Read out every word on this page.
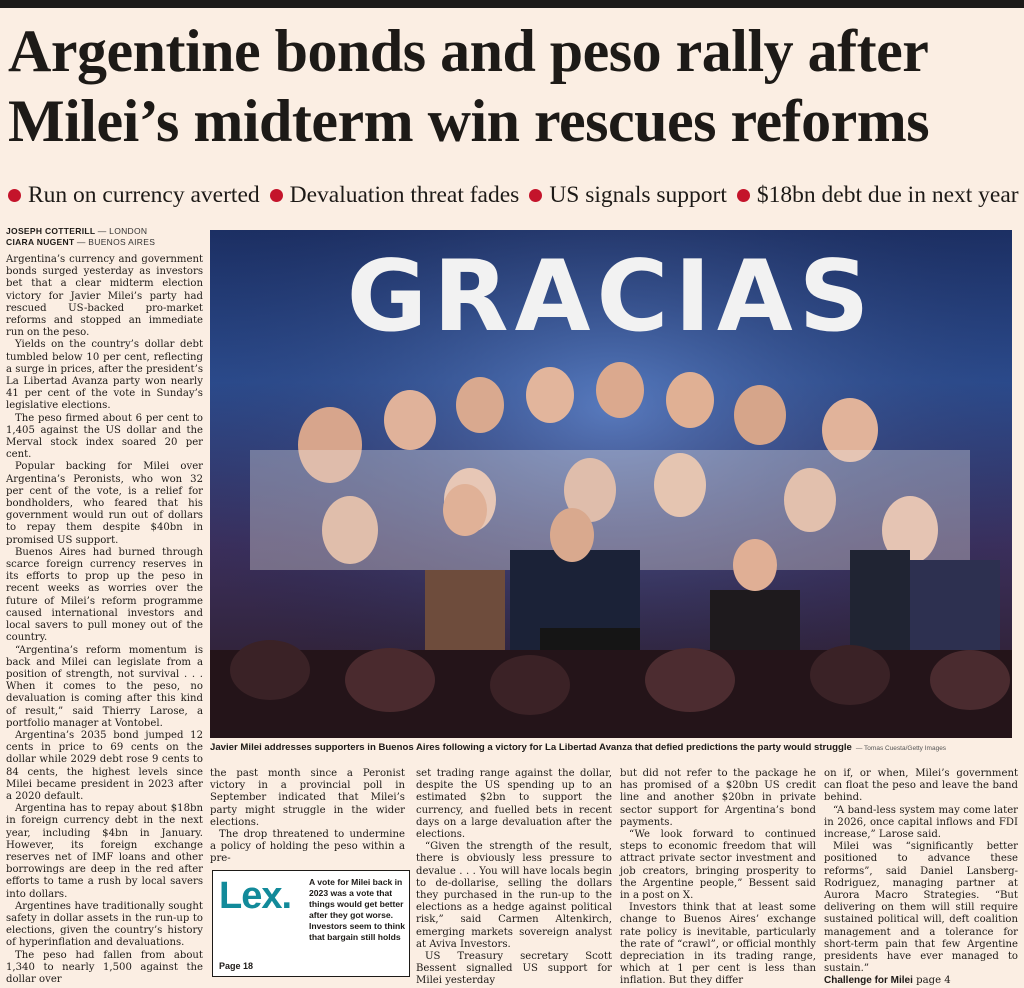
Argentine bonds and peso rally after
Milei’s midterm win rescues reforms
Run on currency averted Devaluation threat fades US signals support $18bn debt due in next year
JOSEPH COTTERILL — LONDON
CIARA NUGENT — BUENOS AIRES

Argentina’s currency and government bonds surged yesterday as investors bet that a clear midterm election victory for Javier Milei’s party had rescued US-backed pro-market reforms and stopped an immediate run on the peso.

Yields on the country’s dollar debt tumbled below 10 per cent, reflecting a surge in prices, after the president’s La Libertad Avanza party won nearly 41 per cent of the vote in Sunday’s legislative elections.

The peso firmed about 6 per cent to 1,405 against the US dollar and the Merval stock index soared 20 per cent.

Popular backing for Milei over Argentina’s Peronists, who won 32 per cent of the vote, is a relief for bondholders, who feared that his government would run out of dollars to repay them despite $40bn in promised US support.

Buenos Aires had burned through scarce foreign currency reserves in its efforts to prop up the peso in recent weeks as worries over the future of Milei’s reform programme caused international investors and local savers to pull money out of the country.

“Argentina’s reform momentum is back and Milei can legislate from a position of strength, not survival . . . When it comes to the peso, no devaluation is coming after this kind of result,” said Thierry Larose, a portfolio manager at Vontobel.

Argentina’s 2035 bond jumped 12 cents in price to 69 cents on the dollar while 2029 debt rose 9 cents to 84 cents, the highest levels since Milei became president in 2023 after a 2020 default.

Argentina has to repay about $18bn in foreign currency debt in the next year, including $4bn in January. However, its foreign exchange reserves net of IMF loans and other borrowings are deep in the red after efforts to tame a rush by local savers into dollars.

Argentines have traditionally sought safety in dollar assets in the run-up to elections, given the country’s history of hyperinflation and devaluations.

The peso had fallen from about 1,340 to nearly 1,500 against the dollar over

GRACIAS
Javier Milei addresses supporters in Buenos Aires following a victory for La Libertad Avanza that defied predictions the party would struggle — Tomas Cuesta/Getty Images

the past month since a Peronist victory in a provincial poll in September indicated that Milei’s party might struggle in the wider elections.

The drop threatened to undermine a policy of holding the peso within a pre-

Lex. A vote for Milei back in 2023 was a vote that things would get better after they got worse. Investors seem to think that bargain still holds
Page 18

set trading range against the dollar, despite the US spending up to an estimated $2bn to support the currency, and fuelled bets in recent days on a large devaluation after the elections.

“Given the strength of the result, there is obviously less pressure to devalue . . . You will have locals begin to de-dollarise, selling the dollars they purchased in the run-up to the elections as a hedge against political risk,” said Carmen Altenkirch, emerging markets sovereign analyst at Aviva Investors.

US Treasury secretary Scott Bessent signalled US support for Milei yesterday

but did not refer to the package he has promised of a $20bn US credit line and another $20bn in private sector support for Argentina’s bond payments.

“We look forward to continued steps to economic freedom that will attract private sector investment and job creators, bringing prosperity to the Argentine people,” Bessent said in a post on X.

Investors think that at least some change to Buenos Aires’ exchange rate policy is inevitable, particularly the rate of “crawl”, or official monthly depreciation in its trading range, which at 1 per cent is less than inflation. But they differ

on if, or when, Milei’s government can float the peso and leave the band behind.

“A band-less system may come later in 2026, once capital inflows and FDI increase,” Larose said.

Milei was “significantly better positioned to advance these reforms”, said Daniel Lansberg-Rodriguez, managing partner at Aurora Macro Strategies. “But delivering on them will still require sustained political will, deft coalition management and a tolerance for short-term pain that few Argentine presidents have ever managed to sustain.”

Challenge for Milei page 4
